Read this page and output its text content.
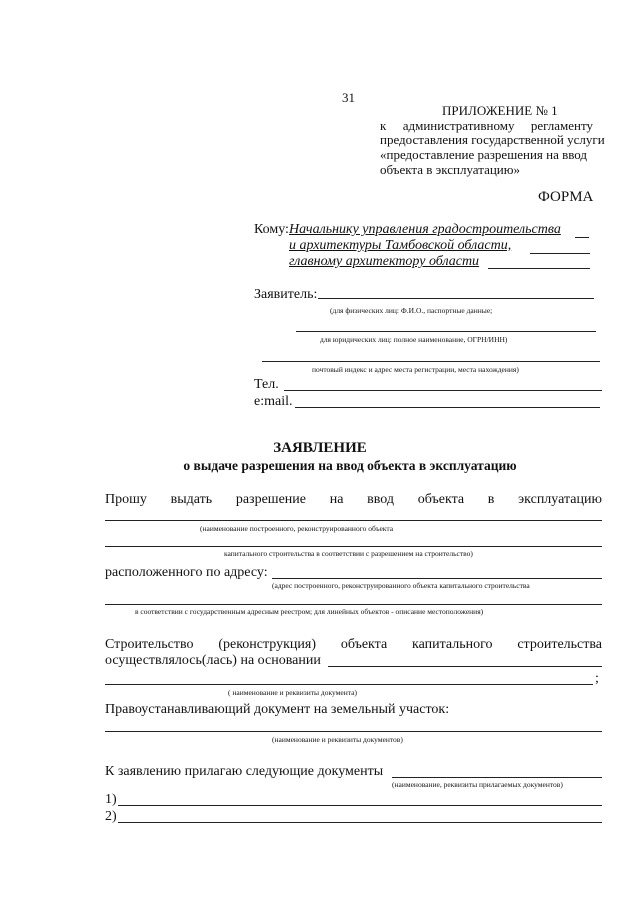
31
ПРИЛОЖЕНИЕ № 1
к административному регламенту
предоставления государственной услуги
«предоставление разрешения на ввод
объекта в эксплуатацию»
ФОРМА
Кому: Начальнику управления градостроительства
и архитектуры Тамбовской области,
главному архитектору области
Заявитель:
(для физических лиц: Ф.И.О., паспортные данные;
для юридических лиц: полное наименование, ОГРН/ИНН)
почтовый индекс и адрес места регистрации, места нахождения)
Тел.
e:mail.
ЗАЯВЛЕНИЕ
о выдаче разрешения на ввод объекта в эксплуатацию
Прошу выдать разрешение на ввод объекта в эксплуатацию
(наименование построенного, реконструированного объекта
капитального строительства в соответствии с разрешением на строительство)
расположенного по адресу:
(адрес построенного, реконструированного объекта капитального строительства
в соответствии с государственным адресным реестром; для линейных объектов - описание местоположения)
Строительство (реконструкция) объекта капитального строительства
осуществлялось(лась) на основании
;
( наименование и реквизиты документа)
Правоустанавливающий документ на земельный участок:
(наименование и реквизиты документов)
К заявлению прилагаю следующие документы
(наименование, реквизиты прилагаемых документов)
1)
2)
